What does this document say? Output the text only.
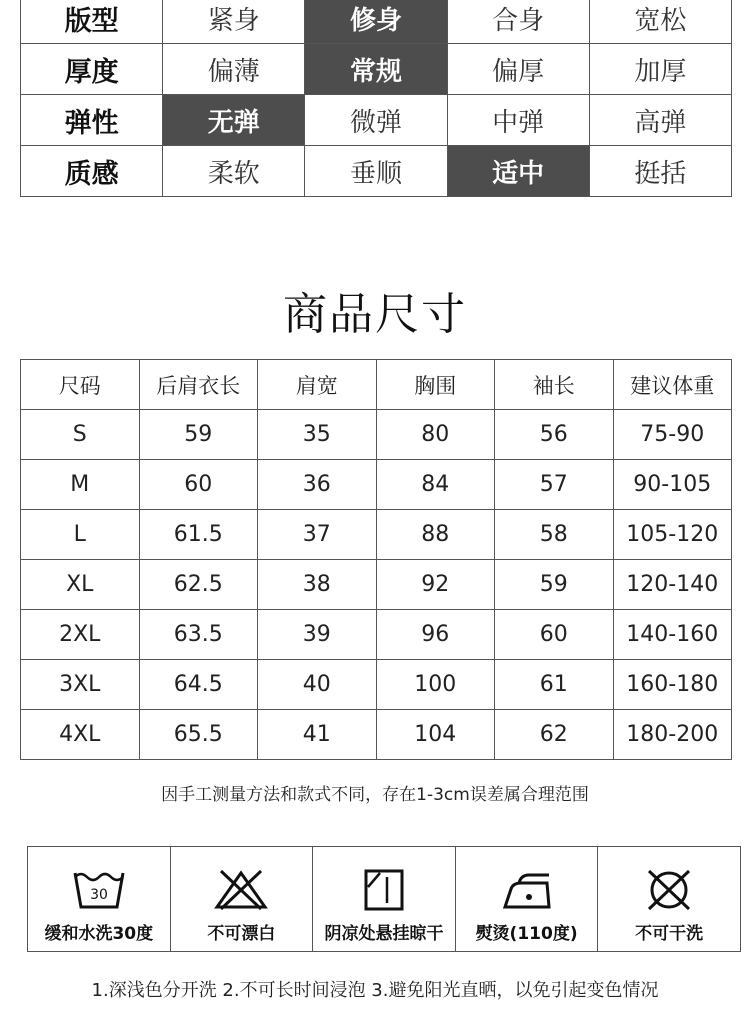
版型	紧身	修身	合身	宽松
厚度	偏薄	常规	偏厚	加厚
弹性	无弹	微弹	中弹	高弹
质感	柔软	垂顺	适中	挺括
商品尺寸
尺码	后肩衣长	肩宽	胸围	袖长	建议体重
S	59	35	80	56	75-90
M	60	36	84	57	90-105
L	61.5	37	88	58	105-120
XL	62.5	38	92	59	120-140
2XL	63.5	39	96	60	140-160
3XL	64.5	40	100	61	160-180
4XL	65.5	41	104	62	180-200
因手工测量方法和款式不同，存在1-3cm误差属合理范围
30
缓和水洗30度	不可漂白	阴凉处悬挂晾干 熨烫(110度)	不可干洗
1.深浅色分开洗 2.不可长时间浸泡 3.避免阳光直晒，以免引起变色情况
